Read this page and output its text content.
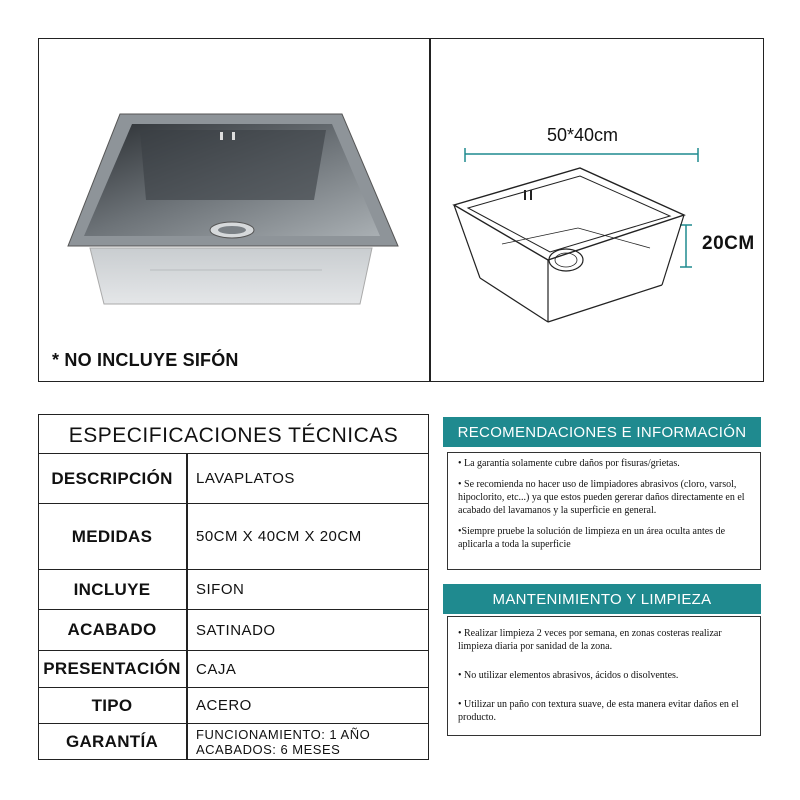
* NO INCLUYE SIFÓN
50*40cm
20CM
ESPECIFICACIONES TÉCNICAS
DESCRIPCIÓN	LAVAPLATOS
MEDIDAS	50CM X 40CM X 20CM
INCLUYE	SIFON
ACABADO	SATINADO
PRESENTACIÓN	CAJA
TIPO	ACERO
GARANTÍA	FUNCIONAMIENTO: 1 AÑO
ACABADOS: 6 MESES
RECOMENDACIONES E INFORMACIÓN

• La garantía solamente cubre daños por fisuras/grietas.

• Se recomienda no hacer uso de limpiadores abrasivos (cloro, varsol, hipoclorito, etc...) ya que estos pueden gererar daños directamente en el acabado del lavamanos y la superficie en general.

•Siempre pruebe la solución de limpieza en un área oculta antes de aplicarla a toda la superficie

MANTENIMIENTO Y LIMPIEZA

• Realizar limpieza 2 veces por semana, en zonas costeras realizar limpieza diaria por sanidad de la zona.

• No utilizar elementos abrasivos, ácidos o disolventes.

• Utilizar un paño con textura suave, de esta manera evitar daños en el producto.
